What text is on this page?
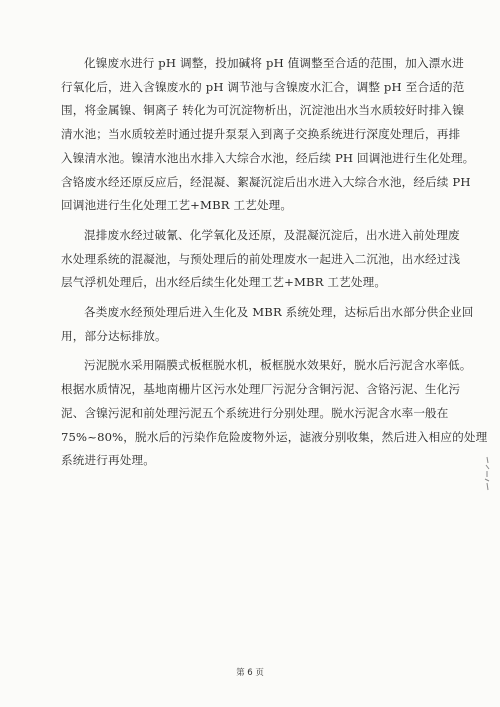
化镍废水进行 pH 调整，投加碱将 pH 值调整至合适的范围，加入漂水进
行氧化后，进入含镍废水的 pH 调节池与含镍废水汇合，调整 pH 至合适的范
围，将金属镍、铜离子 转化为可沉淀物析出，沉淀池出水当水质较好时排入镍
清水池；当水质较差时通过提升泵泵入到离子交换系统进行深度处理后，再排
入镍清水池。镍清水池出水排入大综合水池，经后续 PH 回调池进行生化处理。
含铬废水经还原反应后，经混凝、絮凝沉淀后出水进入大综合水池，经后续 PH
回调池进行生化处理工艺+MBR 工艺处理。

混排废水经过破氰、化学氧化及还原，及混凝沉淀后，出水进入前处理废
水处理系统的混凝池，与预处理后的前处理废水一起进入二沉池，出水经过浅
层气浮机处理后，出水经后续生化处理工艺+MBR 工艺处理。

各类废水经预处理后进入生化及 MBR 系统处理，达标后出水部分供企业回
用，部分达标排放。

污泥脱水采用隔膜式板框脱水机，板框脱水效果好，脱水后污泥含水率低。
根据水质情况，基地南栅片区污水处理厂污泥分含铜污泥、含铬污泥、生化污
泥、含镍污泥和前处理污泥五个系统进行分别处理。脱水污泥含水率一般在
75%~80%，脱水后的污染作危险废物外运，滤液分别收集，然后进入相应的处理
系统进行再处理。

第 6 页
